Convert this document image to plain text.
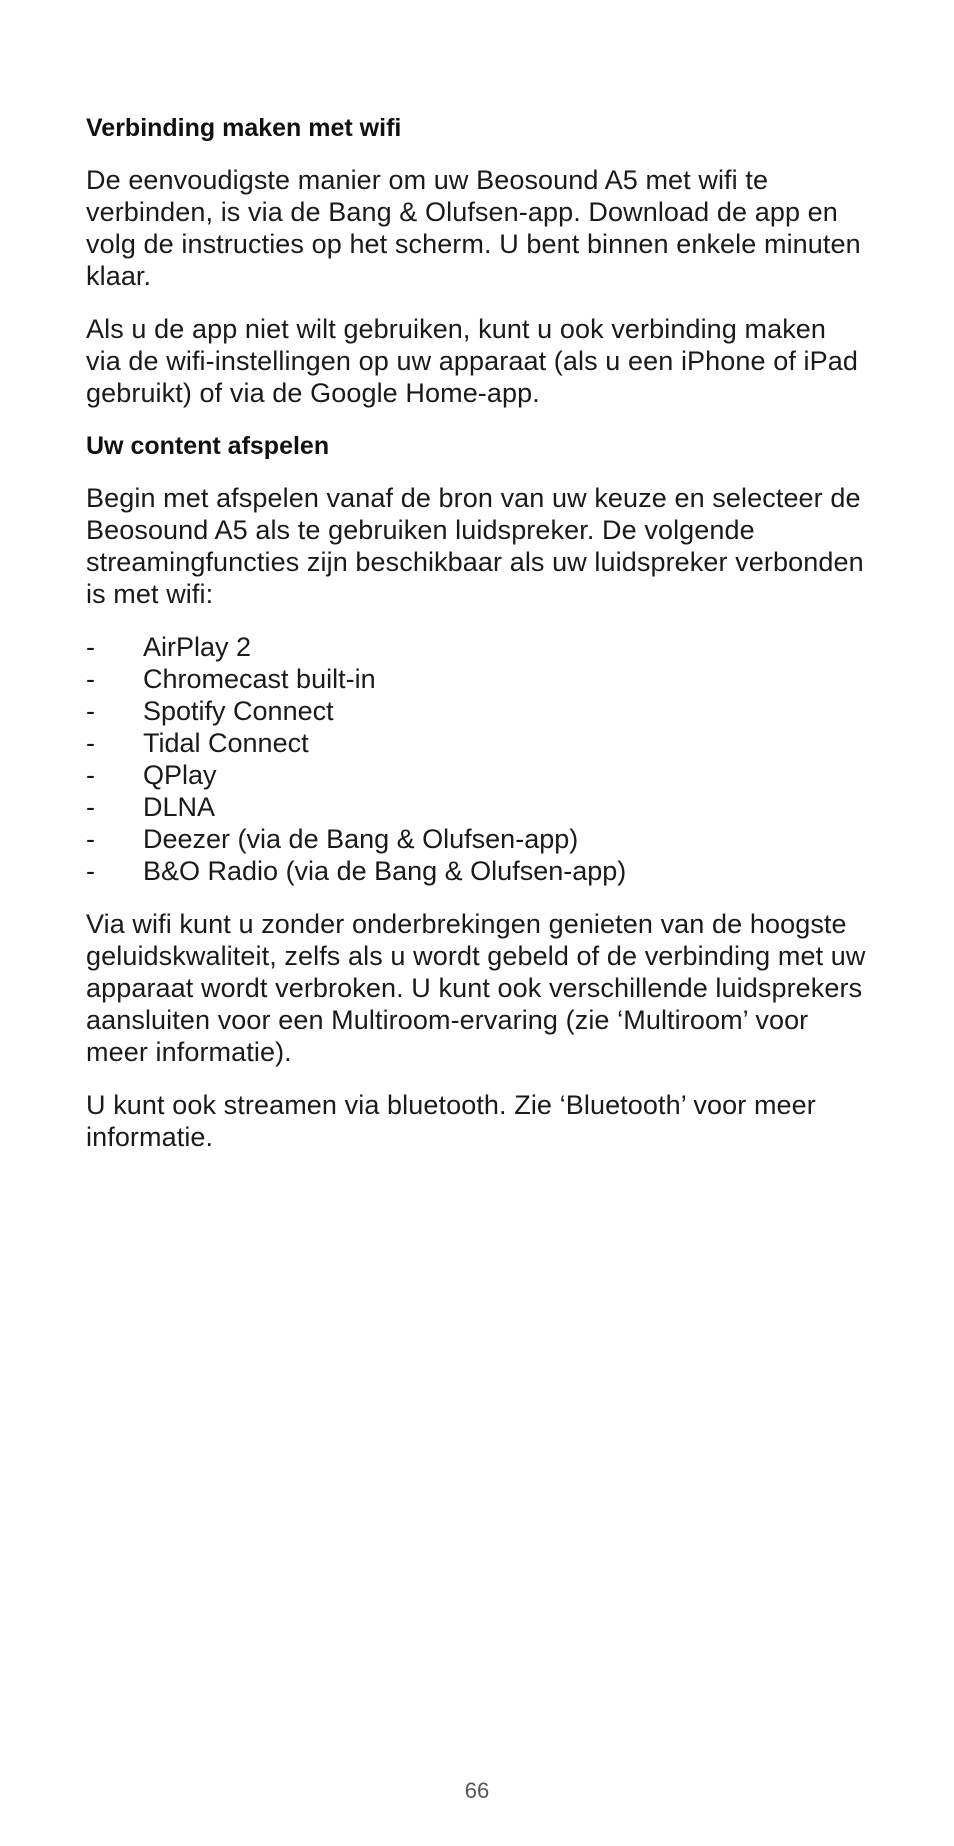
Verbinding maken met wifi

De eenvoudigste manier om uw Beosound A5 met wifi te verbinden, is via de Bang & Olufsen-app. Download de app en volg de instructies op het scherm. U bent binnen enkele minuten klaar.

Als u de app niet wilt gebruiken, kunt u ook verbinding maken via de wifi-instellingen op uw apparaat (als u een iPhone of iPad gebruikt) of via de Google Home-app.

Uw content afspelen

Begin met afspelen vanaf de bron van uw keuze en selecteer de Beosound A5 als te gebruiken luidspreker. De volgende streamingfuncties zijn beschikbaar als uw luidspreker verbonden is met wifi:

- AirPlay 2
- Chromecast built-in
- Spotify Connect
- Tidal Connect
- QPlay
- DLNA
- Deezer (via de Bang & Olufsen-app)
- B&O Radio (via de Bang & Olufsen-app)

Via wifi kunt u zonder onderbrekingen genieten van de hoogste geluidskwaliteit, zelfs als u wordt gebeld of de verbinding met uw apparaat wordt verbroken. U kunt ook verschillende luidsprekers aansluiten voor een Multiroom-ervaring (zie ‘Multiroom’ voor meer informatie).

U kunt ook streamen via bluetooth. Zie ‘Bluetooth’ voor meer informatie.

66
